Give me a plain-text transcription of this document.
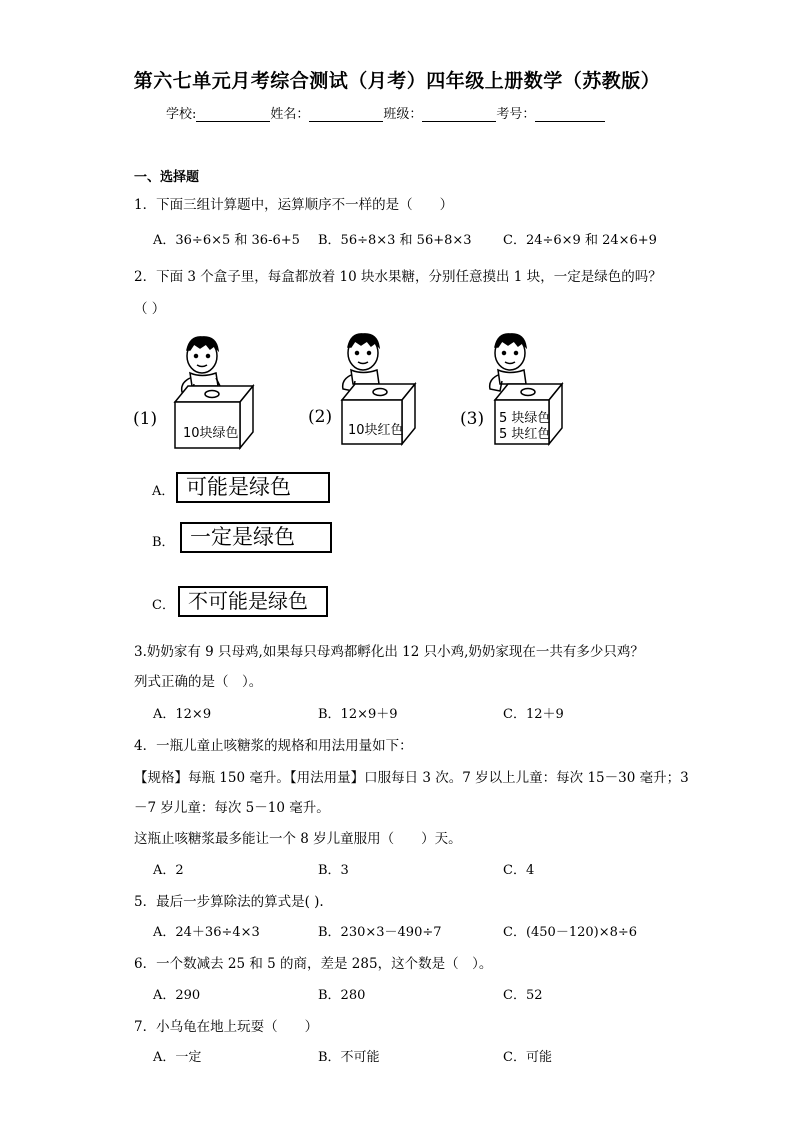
第六七单元月考综合测试（月考）四年级上册数学（苏教版）
学校:	姓名：	班级：	考号：
一、选择题
1．下面三组计算题中，运算顺序不一样的是（　　）
A．36÷6×5 和 36-6+5 B．56÷8×3 和 56+8×3 C．24÷6×9 和 24×6+9
2．下面 3 个盒子里，每盒都放着 10 块水果糖，分别任意摸出 1 块，一定是绿色的吗？
（ ）
(1)
10块绿色
(2)
10块红色
(3) 5 块绿色
5 块红色
A． 可能是绿色
B． 一定是绿色
C． 不可能是绿色
3.奶奶家有 9 只母鸡,如果每只母鸡都孵化出 12 只小鸡,奶奶家现在一共有多少只鸡？
列式正确的是（　）。
A．12×9	B．12×9＋9	C．12＋9
4．一瓶儿童止咳糖浆的规格和用法用量如下：
【规格】每瓶 150 毫升。【用法用量】口服每日 3 次。7 岁以上儿童：每次 15－30 毫升；3
－7 岁儿童：每次 5－10 毫升。
这瓶止咳糖浆最多能让一个 8 岁儿童服用（　　）天。
A．2	B．3	C．4
5．最后一步算除法的算式是( ).
A．24＋36÷4×3	B．230×3－490÷7	C．(450－120)×8÷6
6．一个数减去 25 和 5 的商，差是 285，这个数是（　）。
A．290	B．280	C．52
7．小乌龟在地上玩耍（　　）
A．一定	B．不可能	C．可能
